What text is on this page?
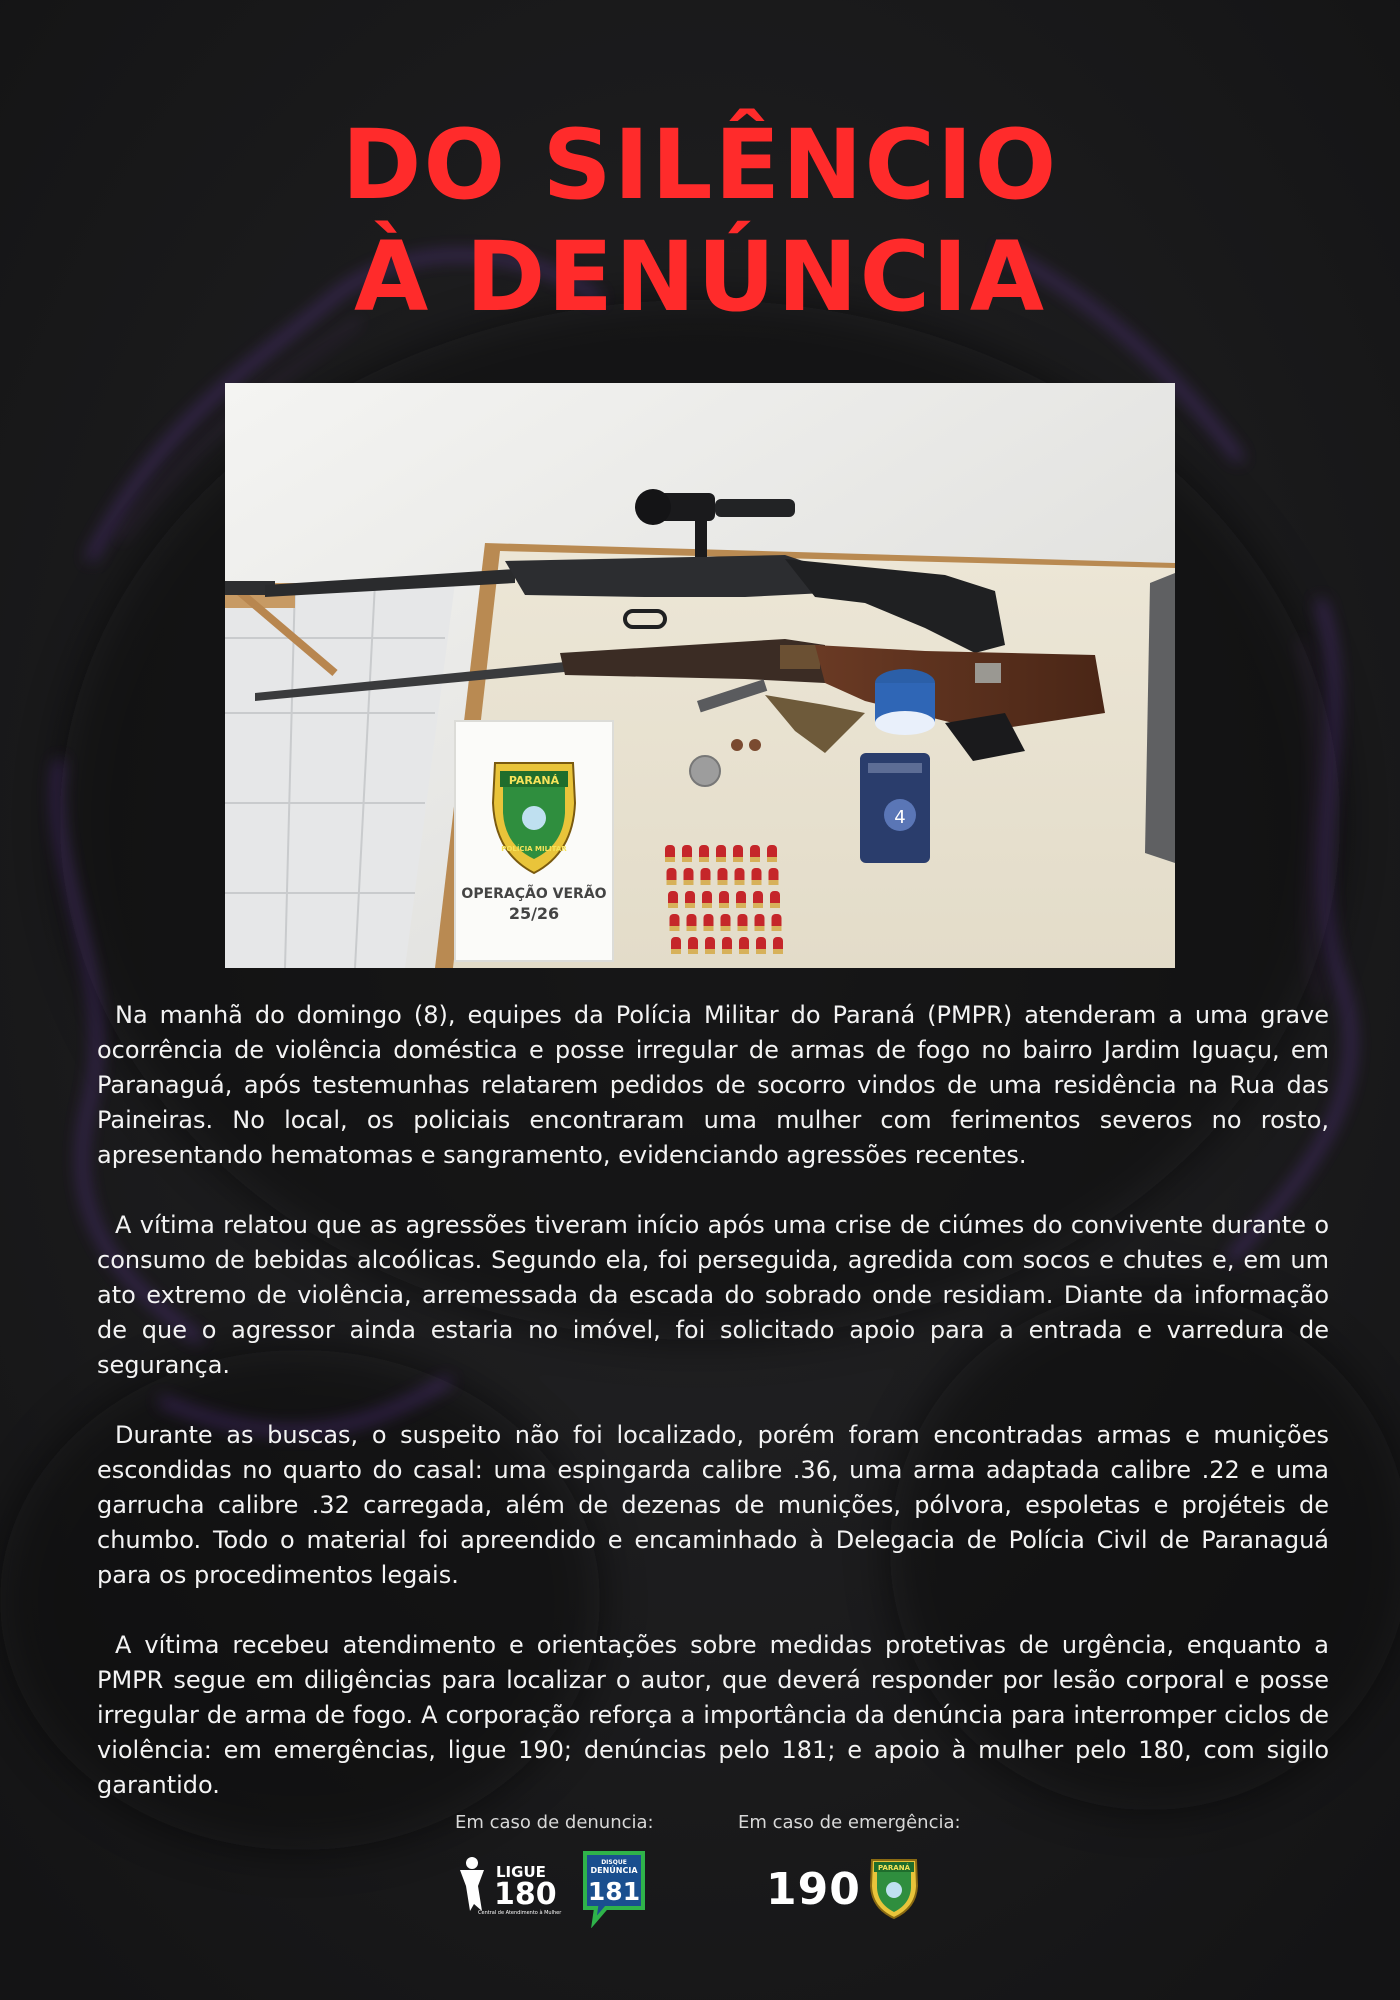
DO SILÊNCIO
À DENÚNCIA
4
PARANÁ
POLÍCIA MILITAR
OPERAÇÃO VERÃO
25/26

Na manhã do domingo (8), equipes da Polícia Militar do Paraná (PMPR) atenderam a uma grave ocorrência de violência doméstica e posse irregular de armas de fogo no bairro Jardim Iguaçu, em Paranaguá, após testemunhas relatarem pedidos de socorro vindos de uma residência na Rua das Paineiras. No local, os policiais encontraram uma mulher com ferimentos severos no rosto, apresentando hematomas e sangramento, evidenciando agressões recentes.

A vítima relatou que as agressões tiveram início após uma crise de ciúmes do convivente durante o consumo de bebidas alcoólicas. Segundo ela, foi perseguida, agredida com socos e chutes e, em um ato extremo de violência, arremessada da escada do sobrado onde residiam. Diante da informação de que o agressor ainda estaria no imóvel, foi solicitado apoio para a entrada e varredura de segurança.

Durante as buscas, o suspeito não foi localizado, porém foram encontradas armas e munições escondidas no quarto do casal: uma espingarda calibre .36, uma arma adaptada calibre .22 e uma garrucha calibre .32 carregada, além de dezenas de munições, pólvora, espoletas e projéteis de chumbo. Todo o material foi apreendido e encaminhado à Delegacia de Polícia Civil de Paranaguá para os procedimentos legais.

A vítima recebeu atendimento e orientações sobre medidas protetivas de urgência, enquanto a PMPR segue em diligências para localizar o autor, que deverá responder por lesão corporal e posse irregular de arma de fogo. A corporação reforça a importância da denúncia para interromper ciclos de violência: em emergências, ligue 190; denúncias pelo 181; e apoio à mulher pelo 180, com sigilo garantido.

Em caso de denuncia:	Em caso de emergência:
LIGUE
180
Central de Atendimento à Mulher
DISQUE
DENÚNCIA
181	190 PARANÁ
